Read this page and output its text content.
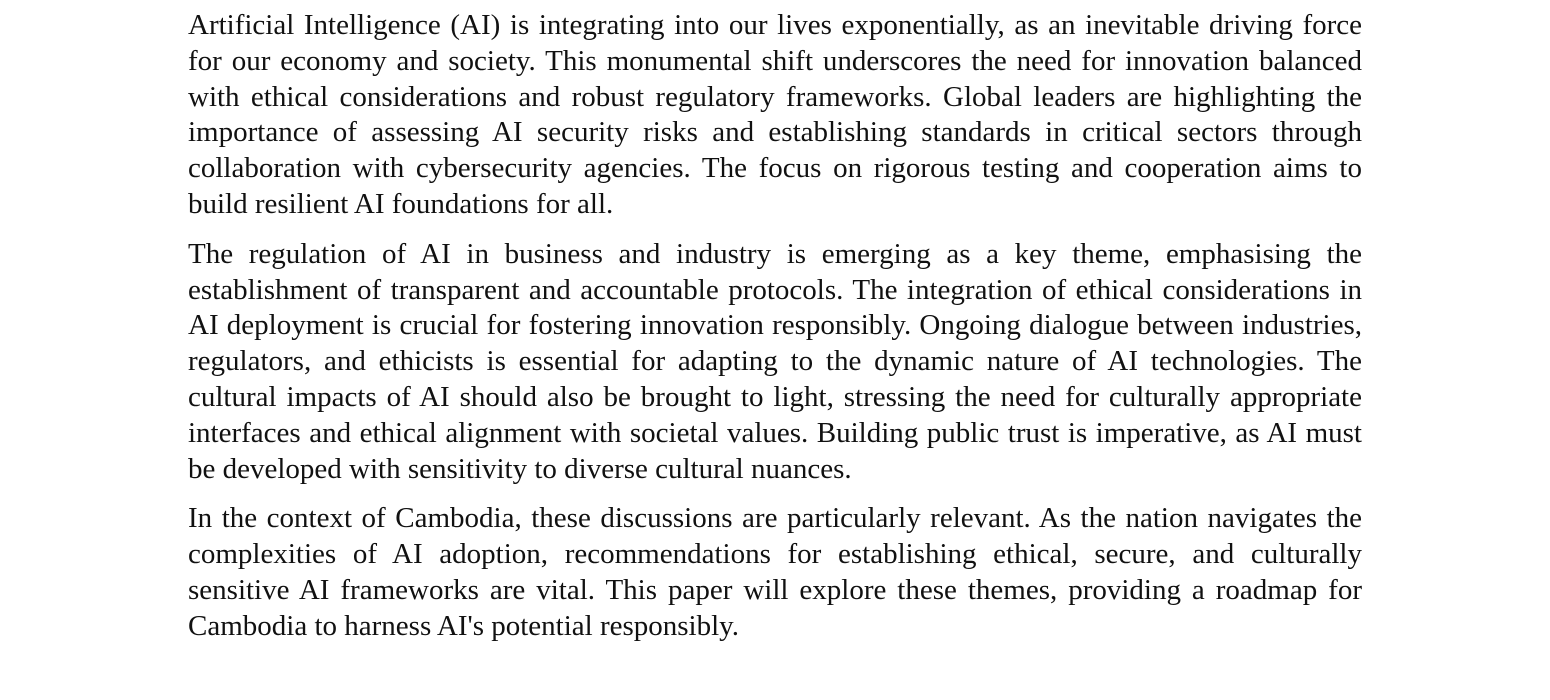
Artificial Intelligence (AI) is integrating into our lives exponentially, as an inevitable driving force for our economy and society. This monumental shift underscores the need for innovation balanced with ethical considerations and robust regulatory frameworks. Global leaders are highlighting the importance of assessing AI security risks and establishing standards in critical sectors through collaboration with cybersecurity agencies. The focus on rigorous testing and cooperation aims to build resilient AI foundations for all.

The regulation of AI in business and industry is emerging as a key theme, emphasising the establishment of transparent and accountable protocols. The integration of ethical considerations in AI deployment is crucial for fostering innovation responsibly. Ongoing dialogue between industries, regulators, and ethicists is essential for adapting to the dynamic nature of AI technologies. The cultural impacts of AI should also be brought to light, stressing the need for culturally appropriate interfaces and ethical alignment with societal values. Building public trust is imperative, as AI must be developed with sensitivity to diverse cultural nuances.

In the context of Cambodia, these discussions are particularly relevant. As the nation navigates the complexities of AI adoption, recommendations for establishing ethical, secure, and culturally sensitive AI frameworks are vital. This paper will explore these themes, providing a roadmap for Cambodia to harness AI's potential responsibly.
